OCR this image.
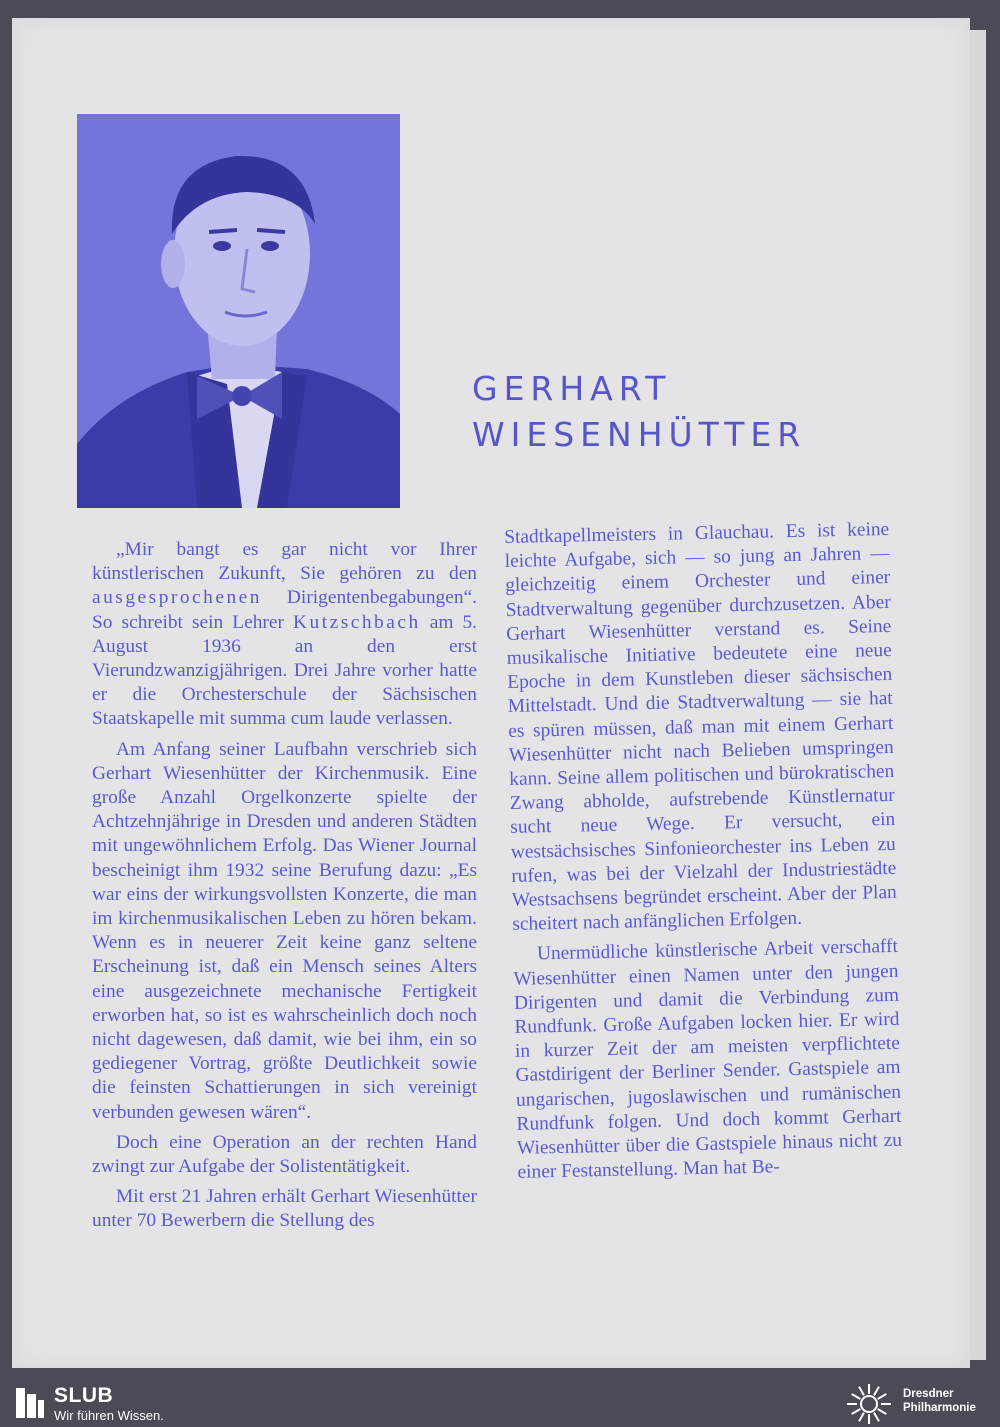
GERHART
WIESENHÜTTER

„Mir bangt es gar nicht vor Ihrer künstlerischen Zukunft, Sie gehören zu den ausgesprochenen Dirigentenbegabungen“. So schreibt sein Lehrer Kutzschbach am 5. August 1936 an den erst Vierundzwanzigjährigen. Drei Jahre vorher hatte er die Orchesterschule der Sächsischen Staatskapelle mit summa cum laude verlassen.

Am Anfang seiner Laufbahn verschrieb sich Gerhart Wiesenhütter der Kirchenmusik. Eine große Anzahl Orgelkonzerte spielte der Achtzehnjährige in Dresden und anderen Städten mit ungewöhnlichem Erfolg. Das Wiener Journal bescheinigt ihm 1932 seine Berufung dazu: „Es war eins der wirkungsvollsten Konzerte, die man im kirchenmusikalischen Leben zu hören bekam. Wenn es in neuerer Zeit keine ganz seltene Erscheinung ist, daß ein Mensch seines Alters eine ausgezeichnete mechanische Fertigkeit erworben hat, so ist es wahrscheinlich doch noch nicht dagewesen, daß damit, wie bei ihm, ein so gediegener Vortrag, größte Deutlichkeit sowie die feinsten Schattierungen in sich vereinigt verbunden gewesen wären“.

Doch eine Operation an der rechten Hand zwingt zur Aufgabe der Solistentätigkeit.

Mit erst 21 Jahren erhält Gerhart Wiesenhütter unter 70 Bewerbern die Stellung des

Stadtkapellmeisters in Glauchau. Es ist keine leichte Aufgabe, sich — so jung an Jahren — gleichzeitig einem Orchester und einer Stadtverwaltung gegenüber durchzusetzen. Aber Gerhart Wiesenhütter verstand es. Seine musikalische Initiative bedeutete eine neue Epoche in dem Kunstleben dieser sächsischen Mittelstadt. Und die Stadtverwaltung — sie hat es spüren müssen, daß man mit einem Gerhart Wiesenhütter nicht nach Belieben umspringen kann. Seine allem politischen und bürokratischen Zwang abholde, aufstrebende Künstlernatur sucht neue Wege. Er versucht, ein westsächsisches Sinfonieorchester ins Leben zu rufen, was bei der Vielzahl der Industriestädte Westsachsens begründet erscheint. Aber der Plan scheitert nach anfänglichen Erfolgen.

Unermüdliche künstlerische Arbeit verschafft Wiesenhütter einen Namen unter den jungen Dirigenten und damit die Verbindung zum Rundfunk. Große Aufgaben locken hier. Er wird in kurzer Zeit der am meisten verpflichtete Gastdirigent der Berliner Sender. Gastspiele am ungarischen, jugoslawischen und rumänischen Rundfunk folgen. Und doch kommt Gerhart Wiesenhütter über die Gastspiele hinaus nicht zu einer Festanstellung. Man hat Be-

SLUB
Wir führen Wissen.
Dresdner
Philharmonie
